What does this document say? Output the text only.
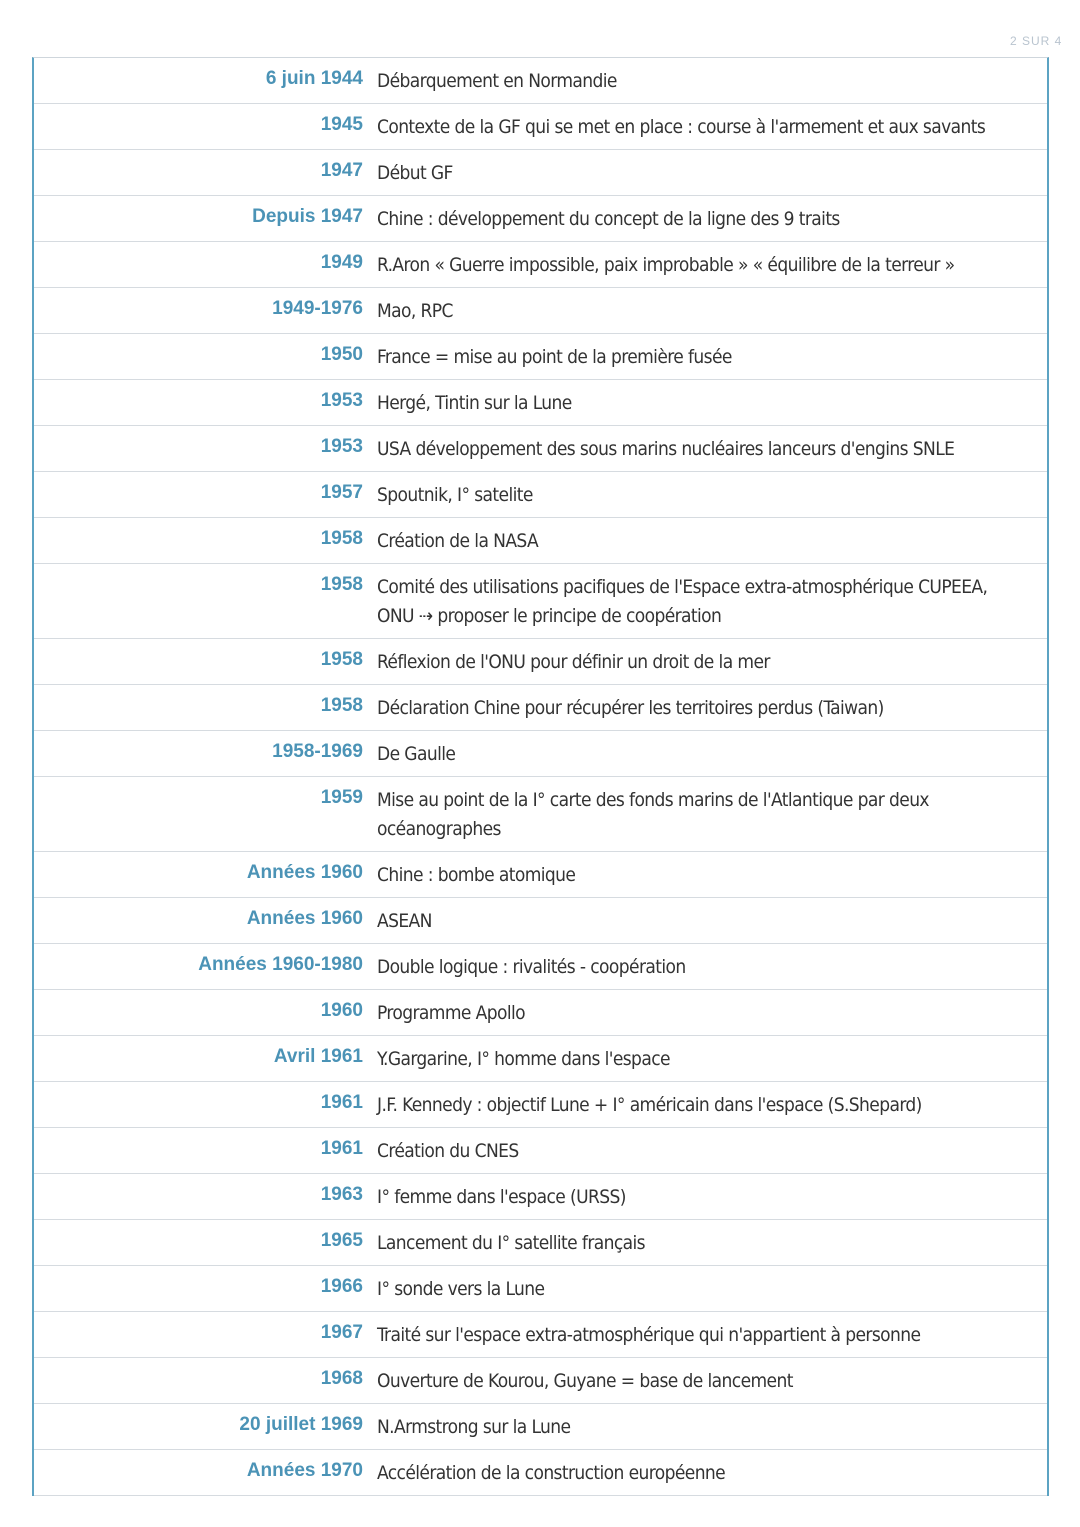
2 SUR 4
6 juin 1944 Débarquement en Normandie
1945 Contexte de la GF qui se met en place : course à l'armement et aux savants
1947 Début GF
Depuis 1947 Chine : développement du concept de la ligne des 9 traits
1949 R.Aron « Guerre impossible, paix improbable » « équilibre de la terreur »
1949-1976 Mao, RPC
1950 France = mise au point de la première fusée
1953 Hergé, Tintin sur la Lune
1953 USA développement des sous marins nucléaires lanceurs d'engins SNLE
1957 Spoutnik, I° satelite
1958 Création de la NASA
1958 Comité des utilisations pacifiques de l'Espace extra-atmosphérique CUPEEA, ONU ⇢ proposer le principe de coopération
1958 Réflexion de l'ONU pour définir un droit de la mer
1958 Déclaration Chine pour récupérer les territoires perdus (Taiwan)
1958-1969 De Gaulle
1959 Mise au point de la I° carte des fonds marins de l'Atlantique par deux océanographes
Années 1960 Chine : bombe atomique
Années 1960 ASEAN
Années 1960-1980 Double logique : rivalités - coopération
1960 Programme Apollo
Avril 1961 Y.Gargarine, I° homme dans l'espace
1961 J.F. Kennedy : objectif Lune + I° américain dans l'espace (S.Shepard)
1961 Création du CNES
1963 I° femme dans l'espace (URSS)
1965 Lancement du I° satellite français
1966 I° sonde vers la Lune
1967 Traité sur l'espace extra-atmosphérique qui n'appartient à personne
1968 Ouverture de Kourou, Guyane = base de lancement
20 juillet 1969 N.Armstrong sur la Lune
Années 1970 Accélération de la construction européenne
